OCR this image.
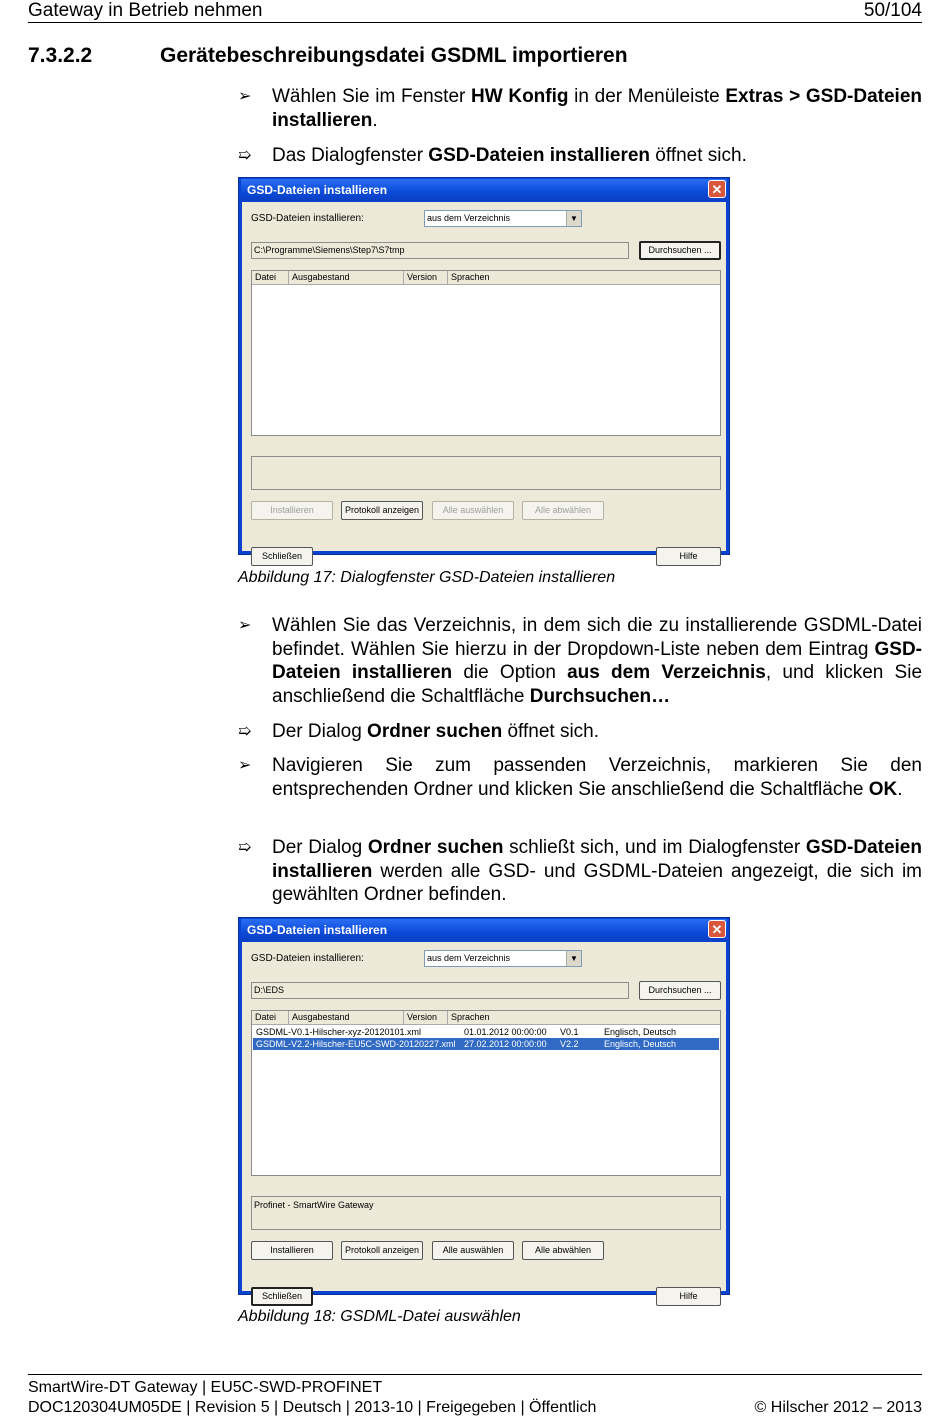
Gateway in Betrieb nehmen	50/104
7.3.2.2	Gerätebeschreibungsdatei GSDML importieren
➢	Wählen Sie im Fenster HW Konfig in der Menüleiste Extras > GSD-Dateien installieren.
➯	Das Dialogfenster GSD-Dateien installieren öffnet sich.
GSD-Dateien installieren	✕
GSD-Dateien installieren:	aus dem Verzeichnis	▼
C:\Programme\Siemens\Step7\S7tmp	Durchsuchen ...
Datei	Ausgabestand	Version	Sprachen
Installieren	Protokoll anzeigen	Alle auswählen	Alle abwählen
Schließen	Hilfe
Abbildung 17: Dialogfenster GSD-Dateien installieren
➢	Wählen Sie das Verzeichnis, in dem sich die zu installierende GSDML-Datei befindet. Wählen Sie hierzu in der Dropdown-Liste neben dem Eintrag GSD-Dateien installieren die Option aus dem Verzeichnis, und klicken Sie anschließend die Schaltfläche Durchsuchen…
➯	Der Dialog Ordner suchen öffnet sich.
➢	Navigieren Sie zum passenden Verzeichnis, markieren Sie den entsprechenden Ordner und klicken Sie anschließend die Schaltfläche OK.
➯	Der Dialog Ordner suchen schließt sich, und im Dialogfenster GSD-Dateien installieren werden alle GSD- und GSDML-Dateien angezeigt, die sich im gewählten Ordner befinden.
GSD-Dateien installieren	✕
GSD-Dateien installieren:	aus dem Verzeichnis	▼
D:\EDS	Durchsuchen ...
Datei	Ausgabestand	Version	Sprachen
GSDML-V0.1-Hilscher-xyz-20120101.xml	01.01.2012 00:00:00	V0.1	Englisch, Deutsch
GSDML-V2.2-Hilscher-EU5C-SWD-20120227.xml 27.02.2012 00:00:00	V2.2	Englisch, Deutsch
Profinet - SmartWire Gateway
Installieren	Protokoll anzeigen	Alle auswählen	Alle abwählen
Schließen	Hilfe
Abbildung 18: GSDML-Datei auswählen
SmartWire-DT Gateway | EU5C-SWD-PROFINET
DOC120304UM05DE | Revision 5 | Deutsch | 2013-10 | Freigegeben | Öffentlich	© Hilscher 2012 – 2013
